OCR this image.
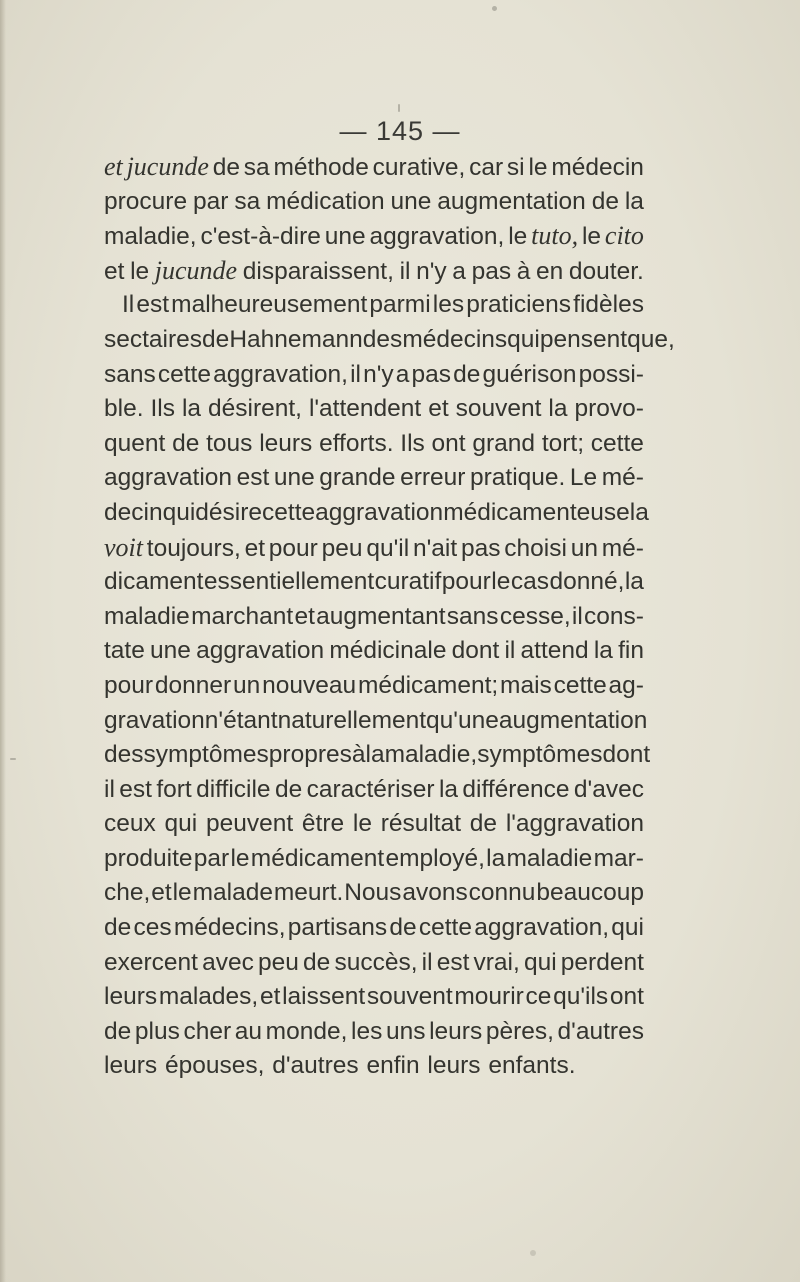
— 145 —
et jucunde de sa méthode curative, car si le médecin
procure par sa médication une augmentation de la
maladie, c'est-à-dire une aggravation, le tuto, le cito
et le jucunde disparaissent, il n'y a pas à en douter.
Il est malheureusement parmi les praticiens fidèles
sectaires de Hahnemann des médecins qui pensent que,
sans cette aggravation, il n'y a pas de guérison possi-
ble. Ils la désirent, l'attendent et souvent la provo-
quent de tous leurs efforts. Ils ont grand tort; cette
aggravation est une grande erreur pratique. Le mé-
decin qui désire cette aggravation médicamenteuse la
voit toujours, et pour peu qu'il n'ait pas choisi un mé-
dicament essentiellement curatif pour le cas donné, la
maladie marchant et augmentant sans cesse, il cons-
tate une aggravation médicinale dont il attend la fin
pour donner un nouveau médicament; mais cette ag-
gravation n'étant naturellement qu'une augmentation
des symptômes propres à la maladie, symptômes dont
il est fort difficile de caractériser la différence d'avec
ceux qui peuvent être le résultat de l'aggravation
produite par le médicament employé, la maladie mar-
che, et le malade meurt. Nous avons connu beaucoup
de ces médecins, partisans de cette aggravation, qui
exercent avec peu de succès, il est vrai, qui perdent
leurs malades, et laissent souvent mourir ce qu'ils ont
de plus cher au monde, les uns leurs pères, d'autres
leurs épouses, d'autres enfin leurs enfants.
